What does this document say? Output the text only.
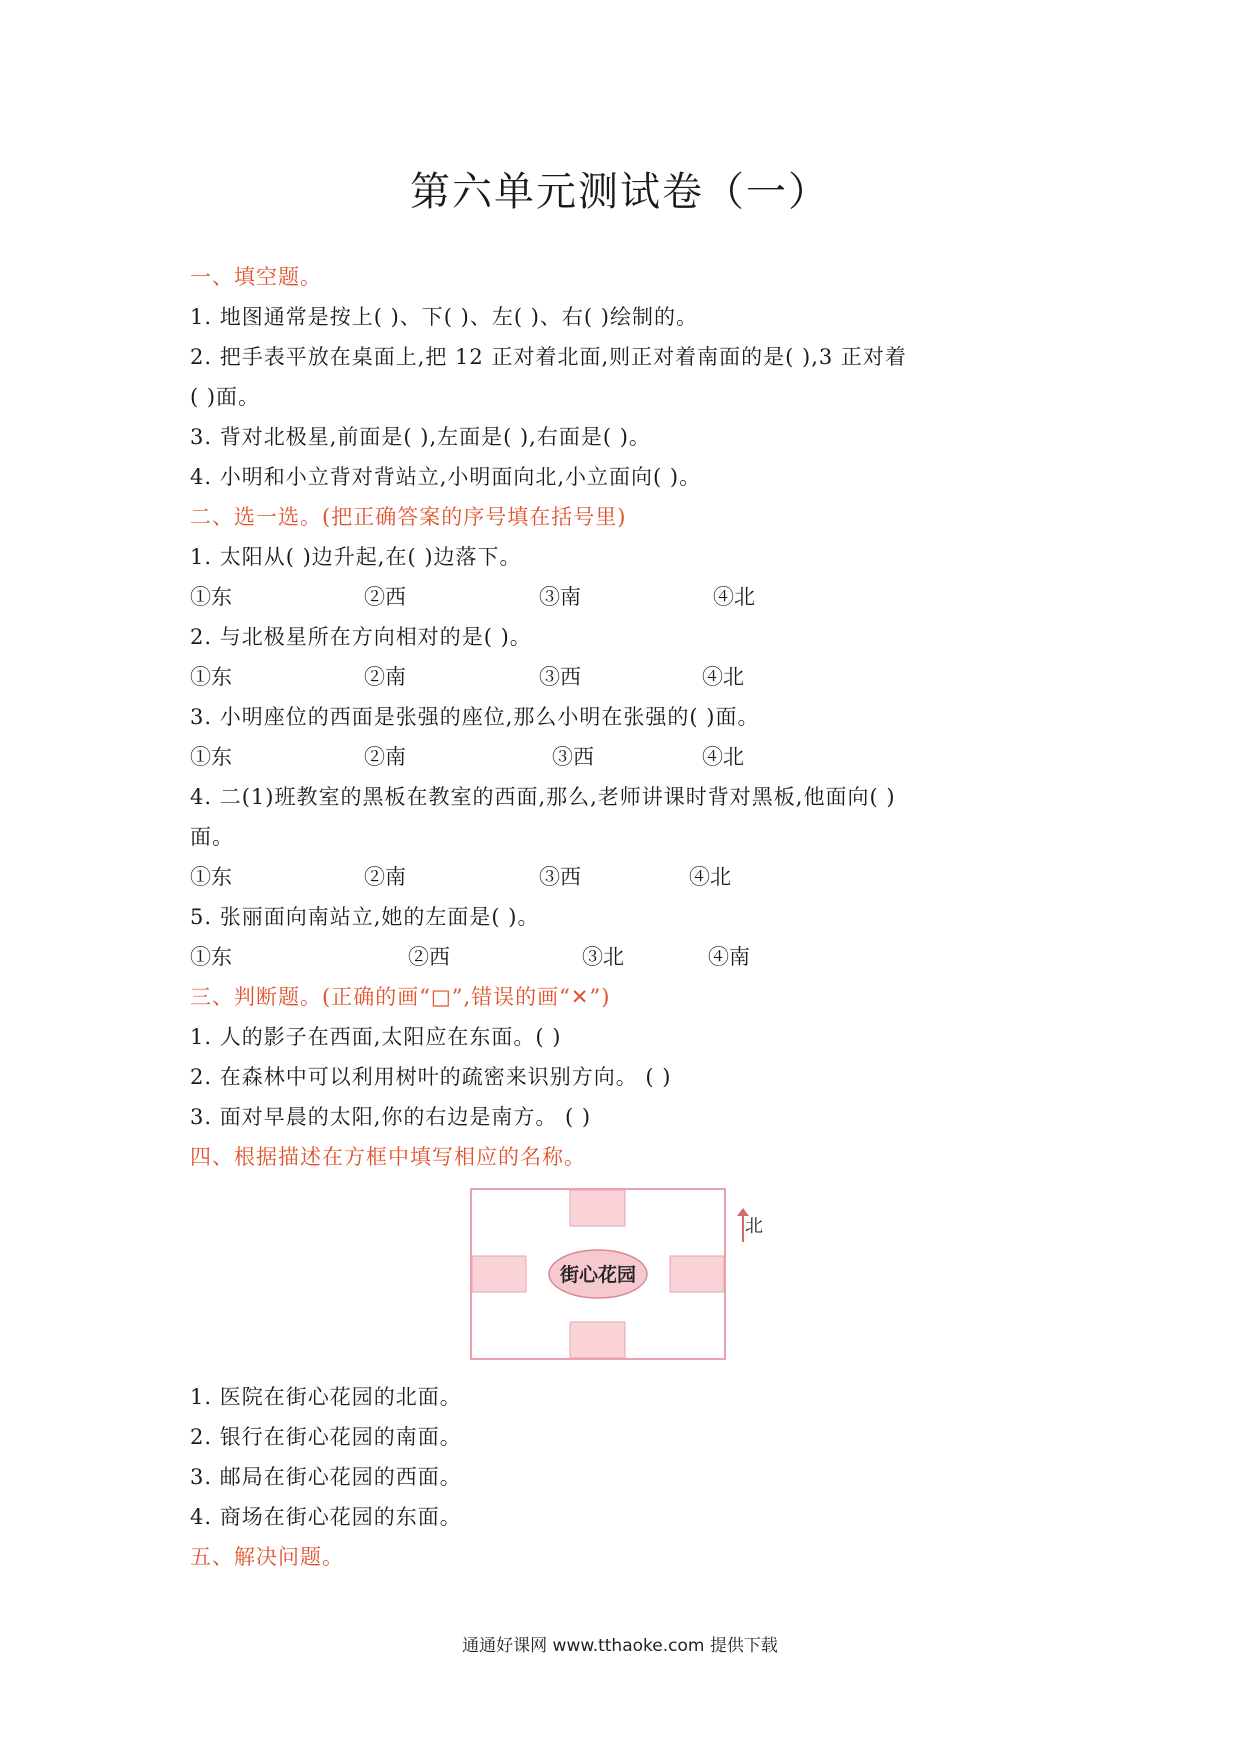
第六单元测试卷（一）
一、填空题。
1. 地图通常是按上( )、下( )、左( )、右( )绘制的。
2. 把手表平放在桌面上,把 12 正对着北面,则正对着南面的是( ),3 正对着
( )面。
3. 背对北极星,前面是( ),左面是( ),右面是( )。
4. 小明和小立背对背站立,小明面向北,小立面向( )。
二、选一选。(把正确答案的序号填在括号里)
1. 太阳从( )边升起,在( )边落下。
①东	②西	③南	④北
2. 与北极星所在方向相对的是( )。
①东	②南	③西	④北
3. 小明座位的西面是张强的座位,那么小明在张强的( )面。
①东	②南	③西	④北
4. 二(1)班教室的黑板在教室的西面,那么,老师讲课时背对黑板,他面向( )
面。
①东	②南	③西	④北
5. 张丽面向南站立,她的左面是( )。
①东	②西	③北	④南
三、判断题。(正确的画“□”,错误的画“✕”)
1. 人的影子在西面,太阳应在东面。( )
2. 在森林中可以利用树叶的疏密来识别方向。 ( )
3. 面对早晨的太阳,你的右边是南方。 ( )
四、根据描述在方框中填写相应的名称。
街心花园
北
1. 医院在街心花园的北面。
2. 银行在街心花园的南面。
3. 邮局在街心花园的西面。
4. 商场在街心花园的东面。
五、解决问题。
通通好课网 www.tthaoke.com 提供下载
